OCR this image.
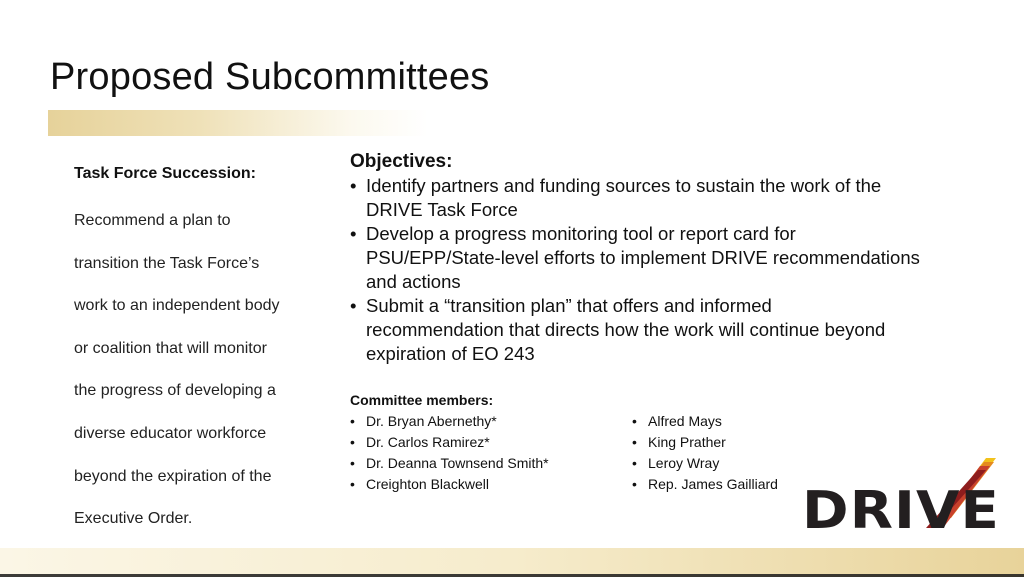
Proposed Subcommittees
Task Force Succession:
Recommend a plan to
transition the Task Force’s
work to an independent body
or coalition that will monitor
the progress of developing a
diverse educator workforce
beyond the expiration of the
Executive Order.
Objectives:
• Identify partners and funding sources to sustain the work of the
DRIVE Task Force
• Develop a progress monitoring tool or report card for
PSU/EPP/State-level efforts to implement DRIVE recommendations
and actions
• Submit a “transition plan” that offers and informed
recommendation that directs how the work will continue beyond
expiration of EO 243
Committee members:
• Dr. Bryan Abernethy*
• Dr. Carlos Ramirez*
• Dr. Deanna Townsend Smith*
• Creighton Blackwell
• Alfred Mays
• King Prather
• Leroy Wray
• Rep. James Gailliard DRIVE
